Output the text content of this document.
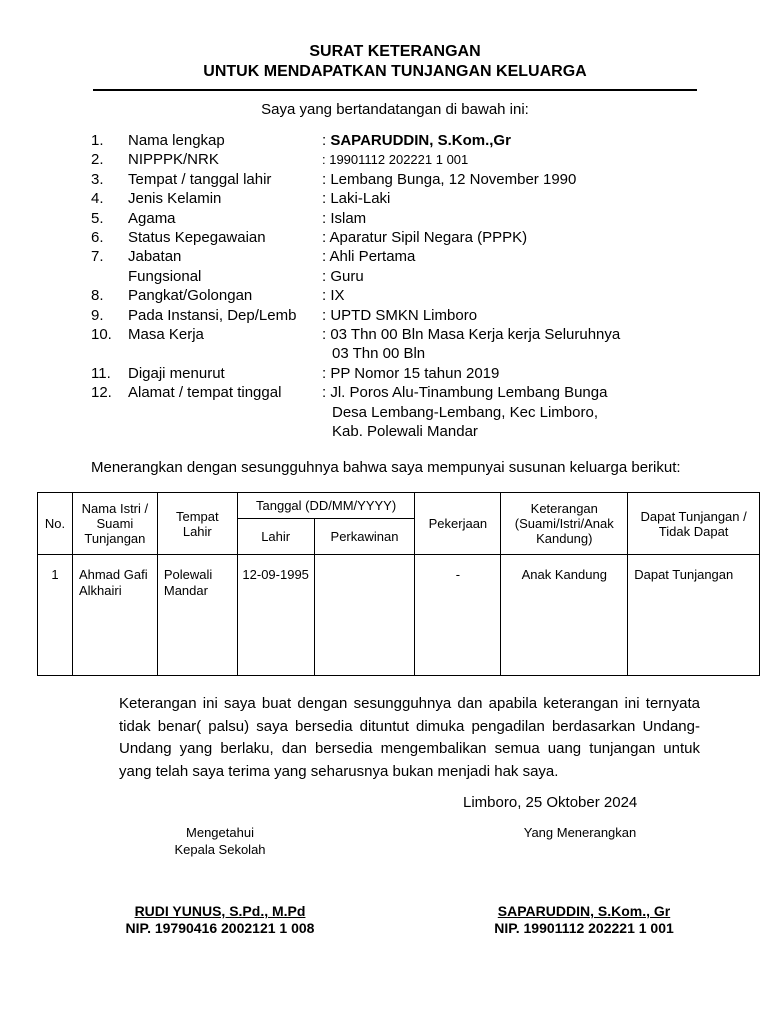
SURAT KETERANGAN
UNTUK MENDAPATKAN TUNJANGAN KELUARGA
Saya yang bertandatangan di bawah ini:
1. Nama lengkap	: SAPARUDDIN, S.Kom.,Gr
2. NIPPPK/NRK	: 19901112 202221 1 001
3. Tempat / tanggal lahir	: Lembang Bunga, 12 November 1990
4. Jenis Kelamin	: Laki-Laki
5. Agama	: Islam
6. Status Kepegawaian	: Aparatur Sipil Negara (PPPK)
7. Jabatan	: Ahli Pertama
Fungsional	: Guru
8. Pangkat/Golongan	: IX
9. Pada Instansi, Dep/Lemb : UPTD SMKN Limboro
10. Masa Kerja	: 03 Thn 00 Bln Masa Kerja kerja Seluruhnya
03 Thn 00 Bln
11. Digaji menurut	: PP Nomor 15 tahun 2019
12. Alamat / tempat tinggal	: Jl. Poros Alu-Tinambung Lembang Bunga
Desa Lembang-Lembang, Kec Limboro,
Kab. Polewali Mandar
Menerangkan dengan sesungguhnya bahwa saya mempunyai susunan keluarga berikut:
No.	Nama Istri / Suami Tunjangan	Tempat Lahir	Tanggal (DD/MM/YYYY)		Pekerjaan	Keterangan (Suami/Istri/Anak Kandung)	Dapat Tunjangan / Tidak Dapat
			Lahir	Perkawinan			
1	Ahmad Gafi Alkhairi	Polewali Mandar	12-09-1995		-	Anak Kandung	Dapat Tunjangan
Keterangan ini saya buat dengan sesungguhnya dan apabila keterangan ini ternyata tidak benar( palsu) saya bersedia dituntut dimuka pengadilan berdasarkan Undang-Undang yang berlaku, dan bersedia mengembalikan semua uang tunjangan untuk yang telah saya terima yang seharusnya bukan menjadi hak saya.
Limboro, 25 Oktober 2024
Mengetahui
Kepala Sekolah
Yang Menerangkan
RUDI YUNUS, S.Pd., M.Pd
NIP. 19790416 2002121 1 008
SAPARUDDIN, S.Kom., Gr
NIP. 19901112 202221 1 001
